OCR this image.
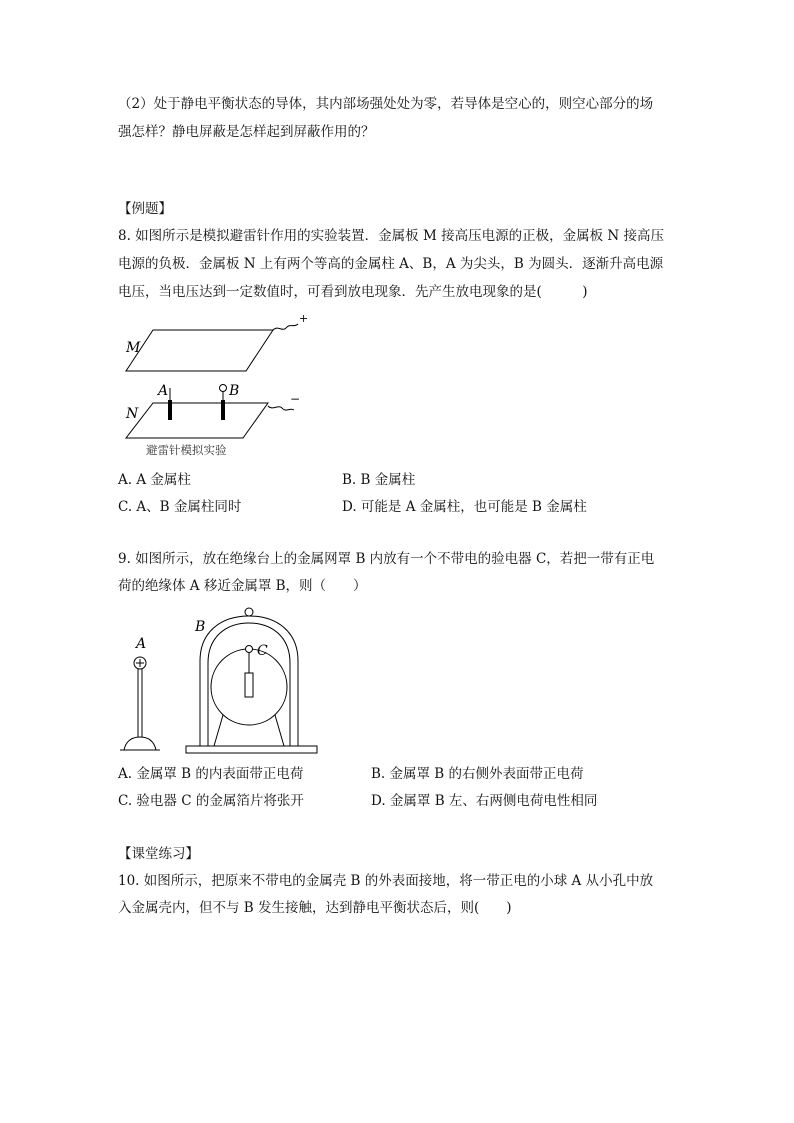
（2）处于静电平衡状态的导体，其内部场强处处为零，若导体是空心的，则空心部分的场
强怎样？静电屏蔽是怎样起到屏蔽作用的？
【例题】
8. 如图所示是模拟避雷针作用的实验装置．金属板 M 接高压电源的正极，金属板 N 接高压
电源的负极．金属板 N 上有两个等高的金属柱 A、B，A 为尖头，B 为圆头．逐渐升高电源
电压，当电压达到一定数值时，可看到放电现象．先产生放电现象的是(　　　)
+
M
−
N
A	B
避雷针模拟实验
A. A 金属柱	B. B 金属柱
C. A、B 金属柱同时	D. 可能是 A 金属柱，也可能是 B 金属柱
9. 如图所示，放在绝缘台上的金属网罩 B 内放有一个不带电的验电器 C，若把一带有正电
荷的绝缘体 A 移近金属罩 B，则（　　）
A
B
C
A. 金属罩 B 的内表面带正电荷	B. 金属罩 B 的右侧外表面带正电荷
C. 验电器 C 的金属箔片将张开	D. 金属罩 B 左、右两侧电荷电性相同
【课堂练习】
10. 如图所示，把原来不带电的金属壳 B 的外表面接地，将一带正电的小球 A 从小孔中放
入金属壳内，但不与 B 发生接触，达到静电平衡状态后，则(　　)
